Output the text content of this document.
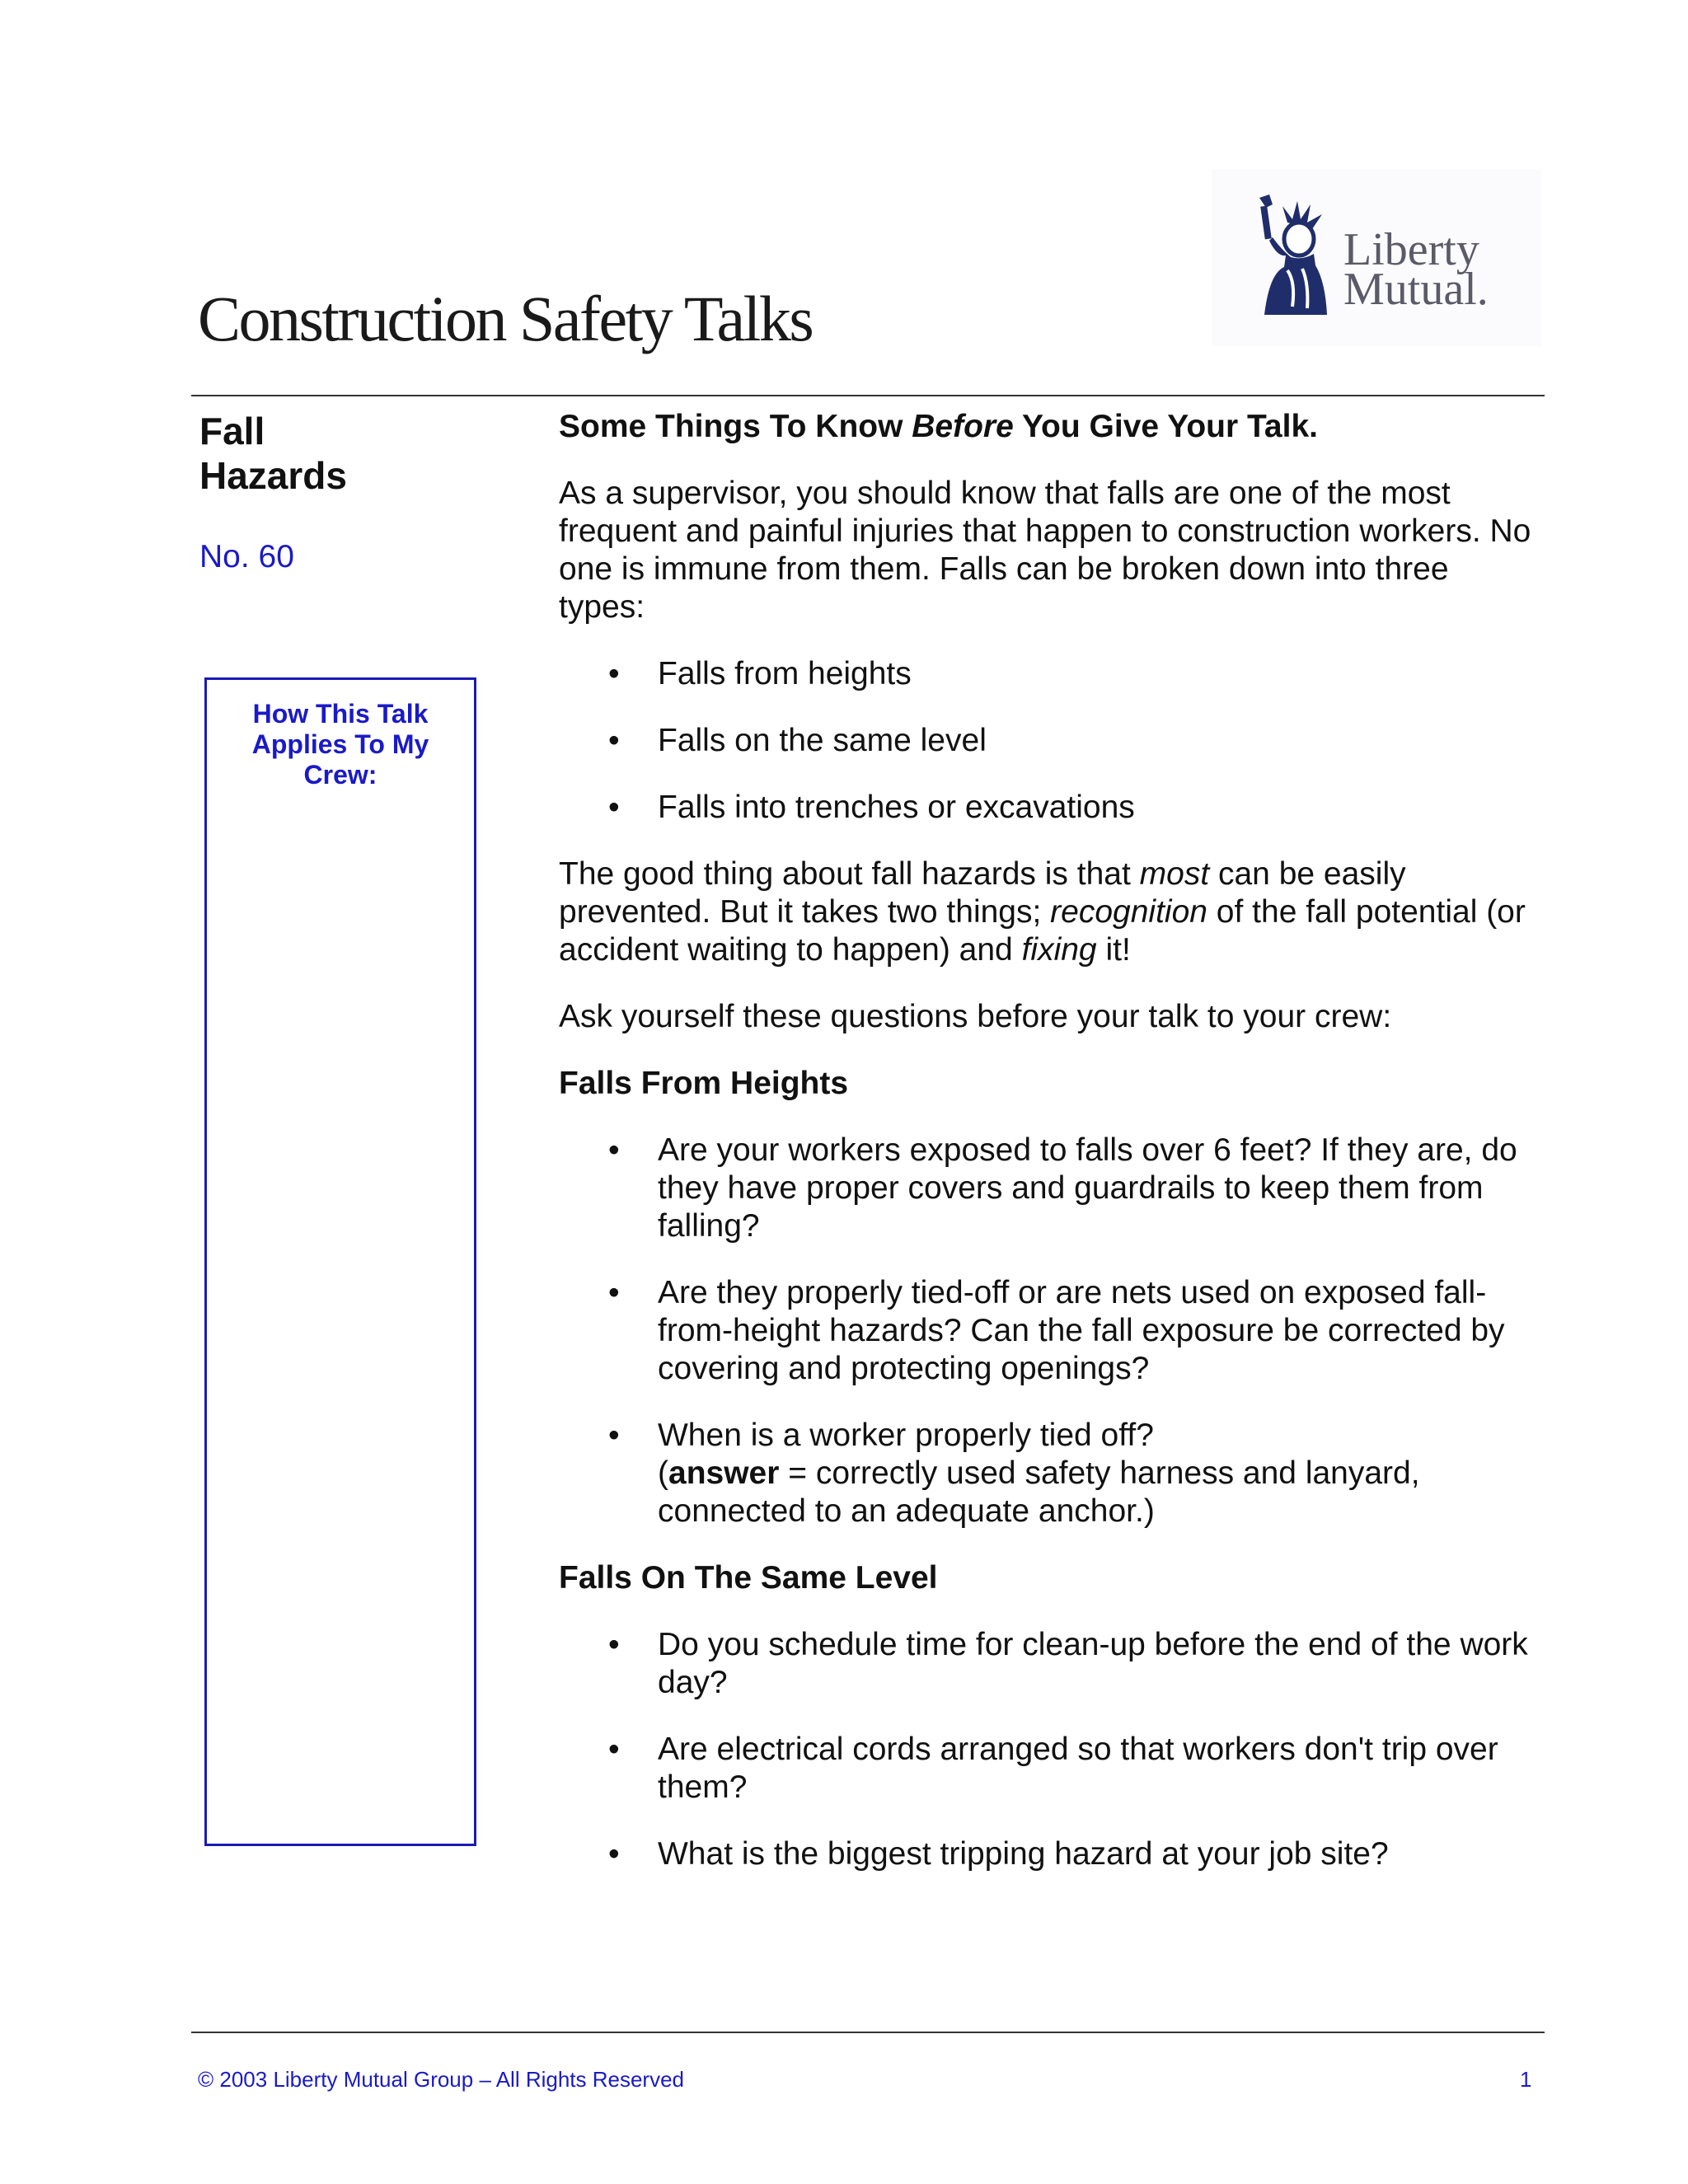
Construction Safety Talks
Liberty
Mutual.
Fall
Hazards
No. 60
How This Talk
Applies To My
Crew:

Some Things To Know Before You Give Your Talk.

As a supervisor, you should know that falls are one of the most frequent and painful injuries that happen to construction workers. No one is immune from them. Falls can be broken down into three types:

• Falls from heights
• Falls on the same level
• Falls into trenches or excavations

The good thing about fall hazards is that most can be easily prevented. But it takes two things; recognition of the fall potential (or accident waiting to happen) and fixing it!

Ask yourself these questions before your talk to your crew:

Falls From Heights

• Are your workers exposed to falls over 6 feet? If they are, do they have proper covers and guardrails to keep them from falling?
• Are they properly tied-off or are nets used on exposed fall-from-height hazards? Can the fall exposure be corrected by covering and protecting openings?
• When is a worker properly tied off?
(answer = correctly used safety harness and lanyard, connected to an adequate anchor.)

Falls On The Same Level

• Do you schedule time for clean-up before the end of the work day?
• Are electrical cords arranged so that workers don't trip over them?
• What is the biggest tripping hazard at your job site?
© 2003 Liberty Mutual Group – All Rights Reserved	1
